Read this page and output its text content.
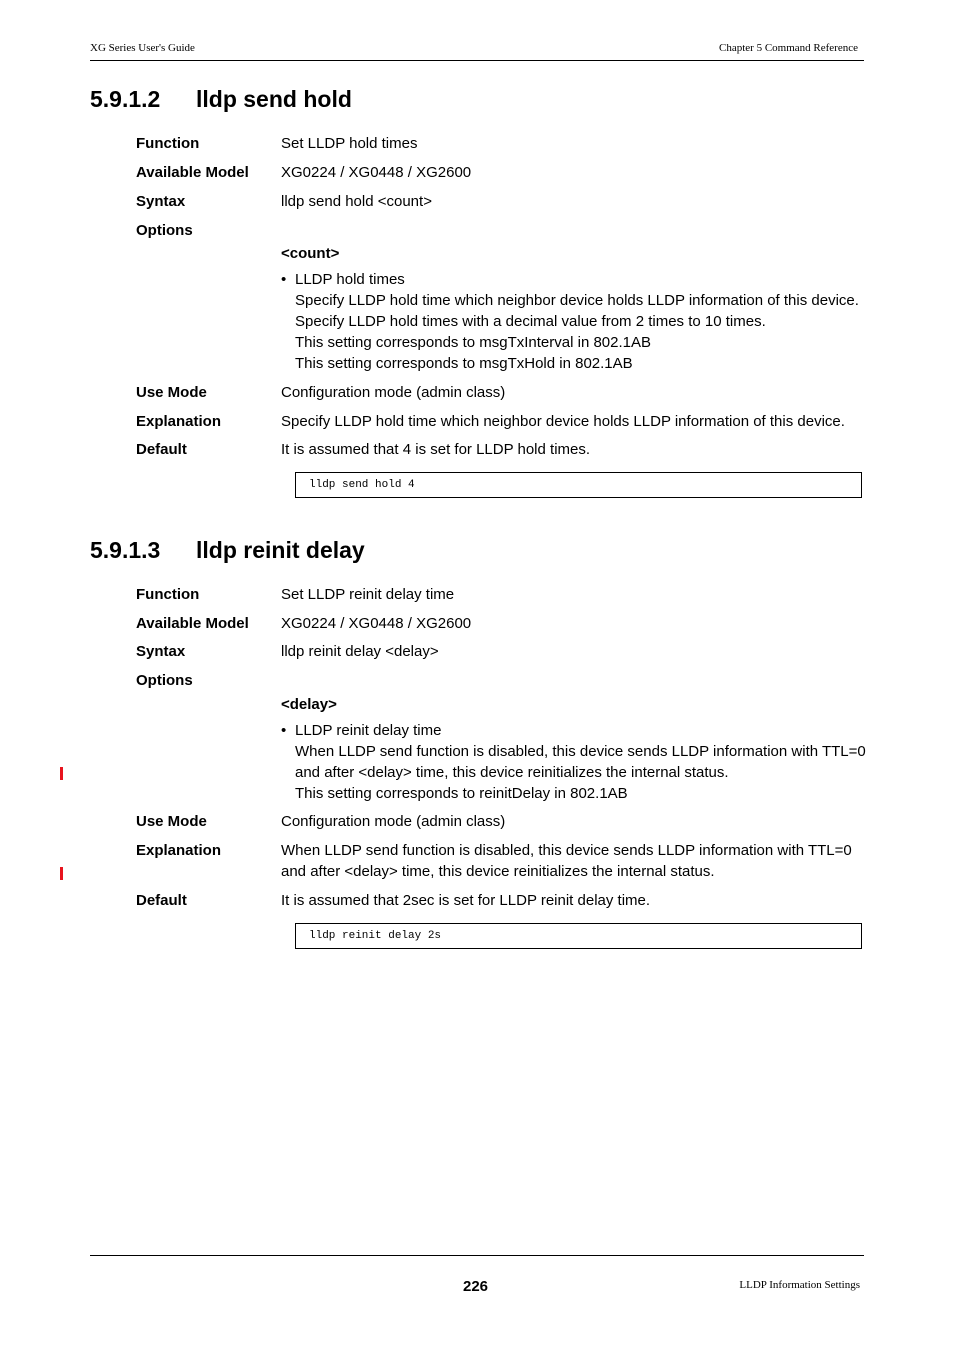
XG Series User's Guide	Chapter 5 Command Reference
5.9.1.2 lldp send hold
Function	Set LLDP hold times
Available Model XG0224 / XG0448 / XG2600
Syntax	lldp send hold <count>
Options
<count>
• LLDP hold times
Specify LLDP hold time which neighbor device holds LLDP information of this device.
Specify LLDP hold times with a decimal value from 2 times to 10 times.
This setting corresponds to msgTxInterval in 802.1AB
This setting corresponds to msgTxHold in 802.1AB
Use Mode	Configuration mode (admin class)
Explanation	Specify LLDP hold time which neighbor device holds LLDP information of this device.
Default	It is assumed that 4 is set for LLDP hold times.
lldp send hold 4
5.9.1.3 lldp reinit delay
Function	Set LLDP reinit delay time
Available Model XG0224 / XG0448 / XG2600
Syntax	lldp reinit delay <delay>
Options
<delay>
• LLDP reinit delay time
When LLDP send function is disabled, this device sends LLDP information with TTL=0
and after <delay> time, this device reinitializes the internal status.
This setting corresponds to reinitDelay in 802.1AB
Use Mode	Configuration mode (admin class)
Explanation	When LLDP send function is disabled, this device sends LLDP information with TTL=0
and after <delay> time, this device reinitializes the internal status.
Default	It is assumed that 2sec is set for LLDP reinit delay time.
lldp reinit delay 2s
226	LLDP Information Settings
